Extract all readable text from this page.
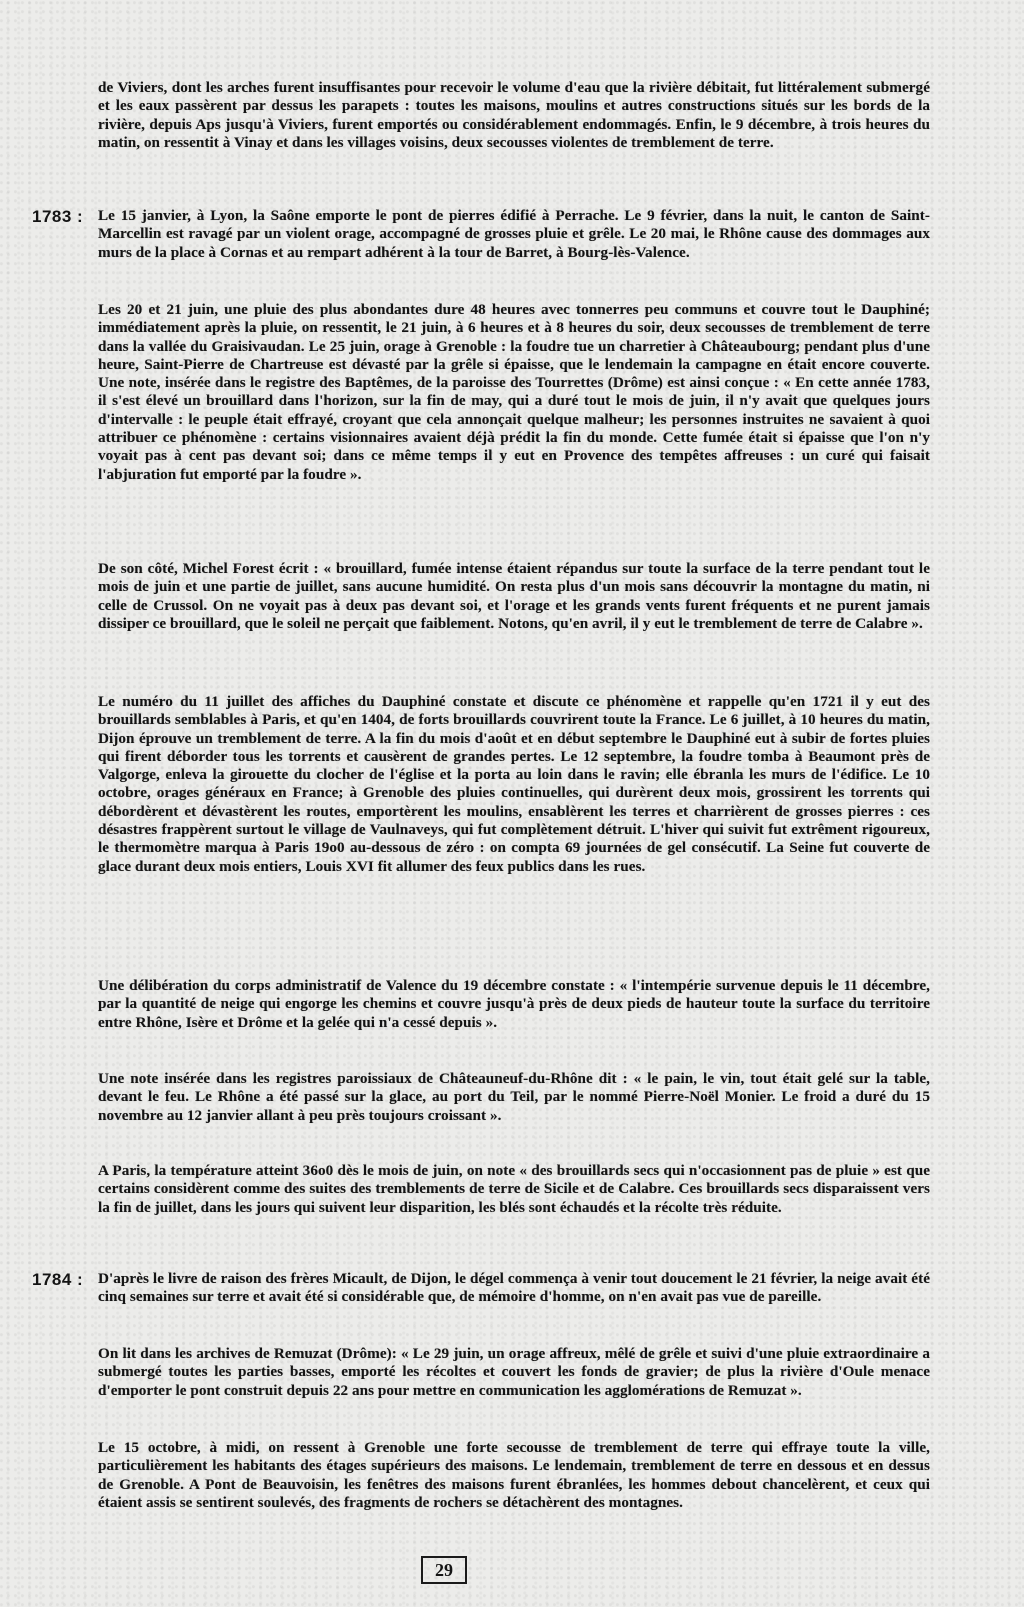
de Viviers, dont les arches furent insuffisantes pour recevoir le volume d'eau que la rivière débitait, fut littéralement submergé et les eaux passèrent par dessus les parapets : toutes les maisons, moulins et autres constructions situés sur les bords de la rivière, depuis Aps jusqu'à Viviers, furent emportés ou considérablement endommagés. Enfin, le 9 décembre, à trois heures du matin, on ressentit à Vinay et dans les villages voisins, deux secousses violentes de tremblement de terre.
1783 : Le 15 janvier, à Lyon, la Saône emporte le pont de pierres édifié à Perrache. Le 9 février, dans la nuit, le canton de Saint-Marcellin est ravagé par un violent orage, accompagné de grosses pluie et grêle. Le 20 mai, le Rhône cause des dommages aux murs de la place à Cornas et au rempart adhérent à la tour de Barret, à Bourg-lès-Valence.
Les 20 et 21 juin, une pluie des plus abondantes dure 48 heures avec tonnerres peu communs et couvre tout le Dauphiné; immédiatement après la pluie, on ressentit, le 21 juin, à 6 heures et à 8 heures du soir, deux secousses de tremblement de terre dans la vallée du Graisivaudan. Le 25 juin, orage à Grenoble : la foudre tue un charretier à Châteaubourg; pendant plus d'une heure, Saint-Pierre de Chartreuse est dévasté par la grêle si épaisse, que le lendemain la campagne en était encore couverte. Une note, insérée dans le registre des Baptêmes, de la paroisse des Tourrettes (Drôme) est ainsi conçue : « En cette année 1783, il s'est élevé un brouillard dans l'horizon, sur la fin de may, qui a duré tout le mois de juin, il n'y avait que quelques jours d'intervalle : le peuple était effrayé, croyant que cela annonçait quelque malheur; les personnes instruites ne savaient à quoi attribuer ce phénomène : certains visionnaires avaient déjà prédit la fin du monde. Cette fumée était si épaisse que l'on n'y voyait pas à cent pas devant soi; dans ce même temps il y eut en Provence des tempêtes affreuses : un curé qui faisait l'abjuration fut emporté par la foudre ».
De son côté, Michel Forest écrit : « brouillard, fumée intense étaient répandus sur toute la surface de la terre pendant tout le mois de juin et une partie de juillet, sans aucune humidité. On resta plus d'un mois sans découvrir la montagne du matin, ni celle de Crussol. On ne voyait pas à deux pas devant soi, et l'orage et les grands vents furent fréquents et ne purent jamais dissiper ce brouillard, que le soleil ne perçait que faiblement. Notons, qu'en avril, il y eut le tremblement de terre de Calabre ».
Le numéro du 11 juillet des affiches du Dauphiné constate et discute ce phénomène et rappelle qu'en 1721 il y eut des brouillards semblables à Paris, et qu'en 1404, de forts brouillards couvrirent toute la France. Le 6 juillet, à 10 heures du matin, Dijon éprouve un tremblement de terre. A la fin du mois d'août et en début septembre le Dauphiné eut à subir de fortes pluies qui firent déborder tous les torrents et causèrent de grandes pertes. Le 12 septembre, la foudre tomba à Beaumont près de Valgorge, enleva la girouette du clocher de l'église et la porta au loin dans le ravin; elle ébranla les murs de l'édifice. Le 10 octobre, orages généraux en France; à Grenoble des pluies continuelles, qui durèrent deux mois, grossirent les torrents qui débordèrent et dévastèrent les routes, emportèrent les moulins, ensablèrent les terres et charrièrent de grosses pierres : ces désastres frappèrent surtout le village de Vaulnaveys, qui fut complètement détruit. L'hiver qui suivit fut extrêment rigoureux, le thermomètre marqua à Paris 19o0 au-dessous de zéro : on compta 69 journées de gel consécutif. La Seine fut couverte de glace durant deux mois entiers, Louis XVI fit allumer des feux publics dans les rues.
Une délibération du corps administratif de Valence du 19 décembre constate : « l'intempérie survenue depuis le 11 décembre, par la quantité de neige qui engorge les chemins et couvre jusqu'à près de deux pieds de hauteur toute la surface du territoire entre Rhône, Isère et Drôme et la gelée qui n'a cessé depuis ».
Une note insérée dans les registres paroissiaux de Châteauneuf-du-Rhône dit : « le pain, le vin, tout était gelé sur la table, devant le feu. Le Rhône a été passé sur la glace, au port du Teil, par le nommé Pierre-Noël Monier. Le froid a duré du 15 novembre au 12 janvier allant à peu près toujours croissant ».
A Paris, la température atteint 36o0 dès le mois de juin, on note « des brouillards secs qui n'occasionnent pas de pluie » est que certains considèrent comme des suites des tremblements de terre de Sicile et de Calabre. Ces brouillards secs disparaissent vers la fin de juillet, dans les jours qui suivent leur disparition, les blés sont échaudés et la récolte très réduite.
1784 : D'après le livre de raison des frères Micault, de Dijon, le dégel commença à venir tout doucement le 21 février, la neige avait été cinq semaines sur terre et avait été si considérable que, de mémoire d'homme, on n'en avait pas vue de pareille.
On lit dans les archives de Remuzat (Drôme): « Le 29 juin, un orage affreux, mêlé de grêle et suivi d'une pluie extraordinaire a submergé toutes les parties basses, emporté les récoltes et couvert les fonds de gravier; de plus la rivière d'Oule menace d'emporter le pont construit depuis 22 ans pour mettre en communication les agglomérations de Remuzat ».
Le 15 octobre, à midi, on ressent à Grenoble une forte secousse de tremblement de terre qui effraye toute la ville, particulièrement les habitants des étages supérieurs des maisons. Le lendemain, tremblement de terre en dessous et en dessus de Grenoble. A Pont de Beauvoisin, les fenêtres des maisons furent ébranlées, les hommes debout chancelèrent, et ceux qui étaient assis se sentirent soulevés, des fragments de rochers se détachèrent des montagnes.
29
